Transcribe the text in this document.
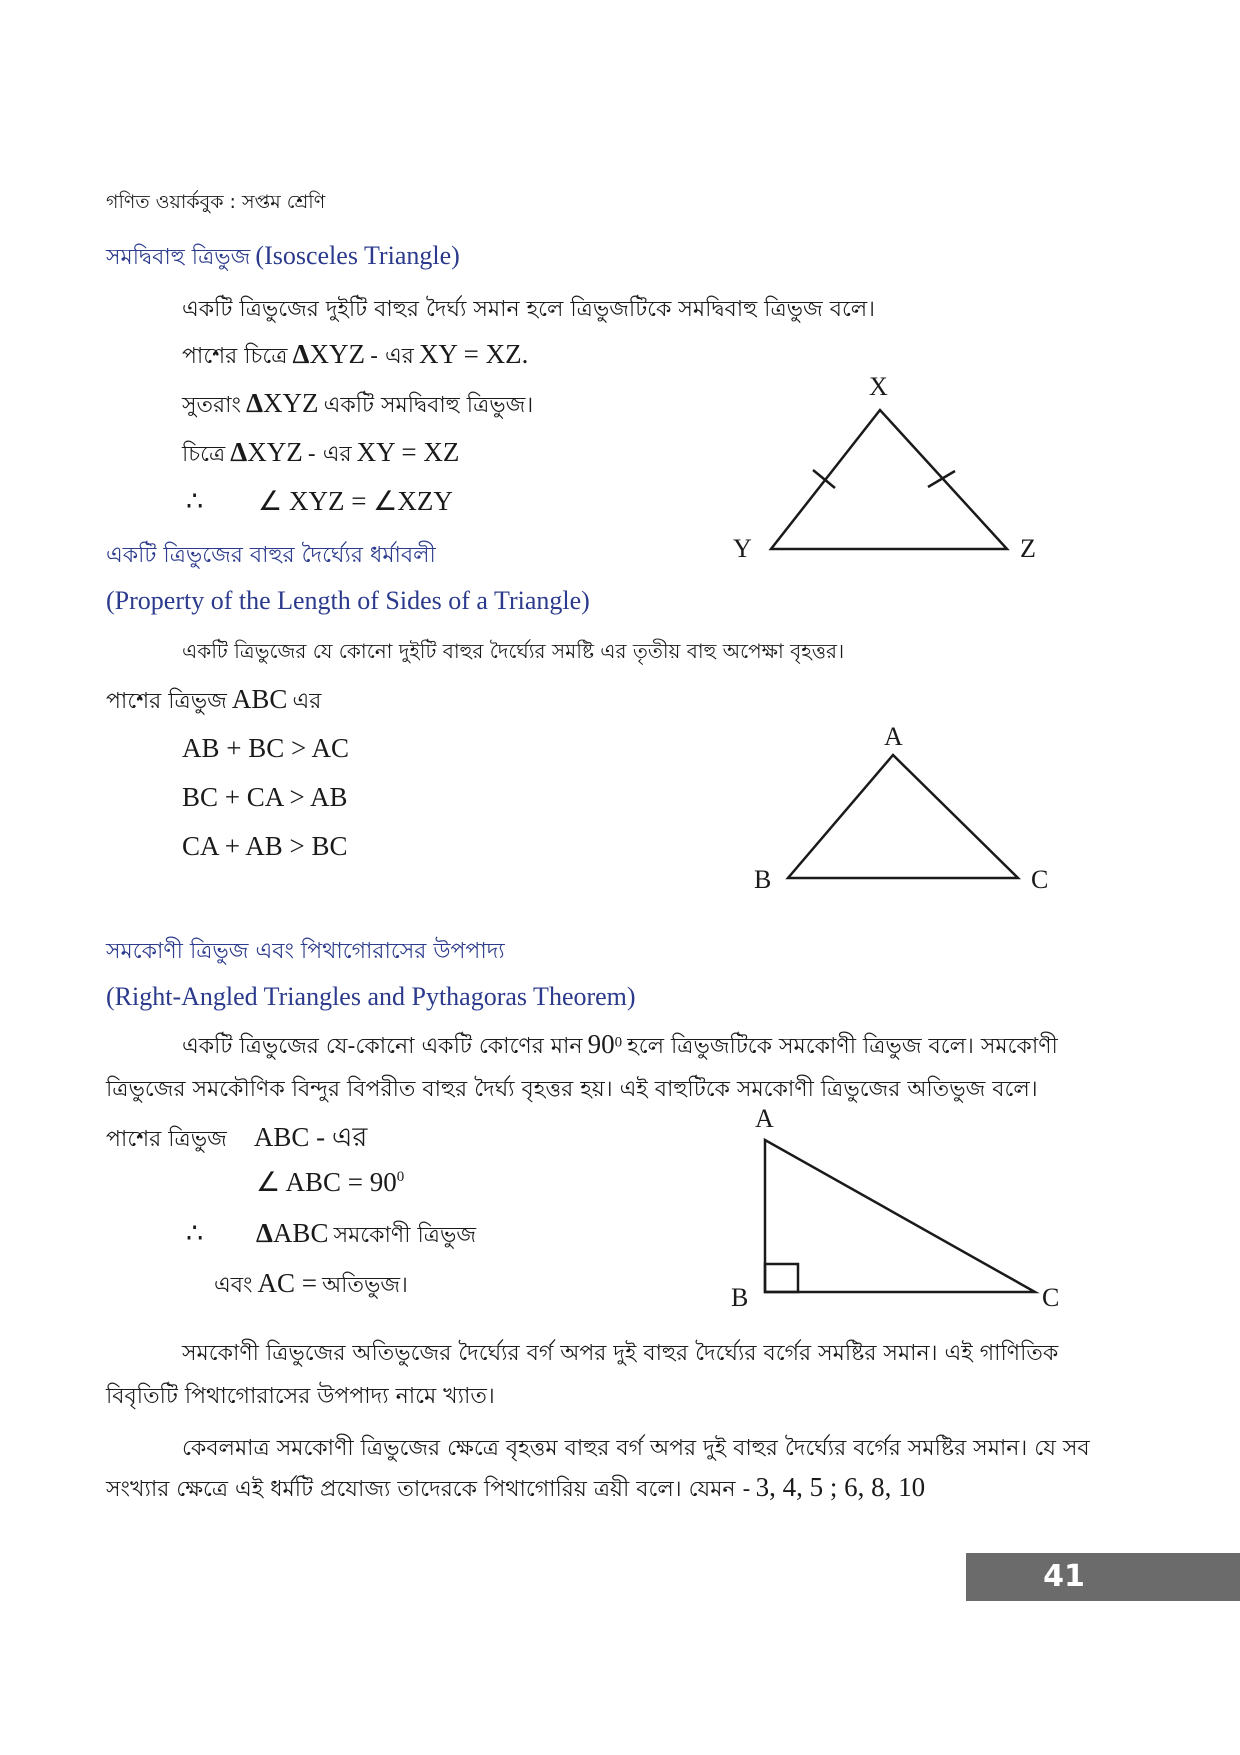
গণিত ওয়ার্কবুক : সপ্তম শ্রেণি
সমদ্বিবাহু ত্রিভুজ (Isosceles Triangle)
একটি ত্রিভুজের দুইটি বাহুর দৈর্ঘ্য সমান হলে ত্রিভুজটিকে সমদ্বিবাহু ত্রিভুজ বলে।
পাশের চিত্রে ΔXYZ - এর XY = XZ.
সুতরাং ΔXYZ একটি সমদ্বিবাহু ত্রিভুজ।
চিত্রে ΔXYZ - এর XY = XZ
∴ ∠ XYZ = ∠XZY
X
Y	Z
একটি ত্রিভুজের বাহুর দৈর্ঘ্যের ধর্মাবলী
(Property of the Length of Sides of a Triangle)
একটি ত্রিভুজের যে কোনো দুইটি বাহুর দৈর্ঘ্যের সমষ্টি এর তৃতীয় বাহু অপেক্ষা বৃহত্তর।
পাশের ত্রিভুজ ABC এর
AB + BC > AC
BC + CA > AB
CA + AB > BC
A
B	C
সমকোণী ত্রিভুজ এবং পিথাগোরাসের উপপাদ্য
(Right-Angled Triangles and Pythagoras Theorem)
একটি ত্রিভুজের যে-কোনো একটি কোণের মান $90^0$ হলে ত্রিভুজটিকে সমকোণী ত্রিভুজ বলে। সমকোণী
ত্রিভুজের সমকৌণিক বিন্দুর বিপরীত বাহুর দৈর্ঘ্য বৃহত্তর হয়। এই বাহুটিকে সমকোণী ত্রিভুজের অতিভুজ বলে।
পাশের ত্রিভুজ ABC - এর
∠ ABC = $90^0$
∴ ΔABC সমকোণী ত্রিভুজ
এবং AC = অতিভুজ।
A
B	C
সমকোণী ত্রিভুজের অতিভুজের দৈর্ঘ্যের বর্গ অপর দুই বাহুর দৈর্ঘ্যের বর্গের সমষ্টির সমান। এই গাণিতিক
বিবৃতিটি পিথাগোরাসের উপপাদ্য নামে খ্যাত।
কেবলমাত্র সমকোণী ত্রিভুজের ক্ষেত্রে বৃহত্তম বাহুর বর্গ অপর দুই বাহুর দৈর্ঘ্যের বর্গের সমষ্টির সমান। যে সব
সংখ্যার ক্ষেত্রে এই ধর্মটি প্রযোজ্য তাদেরকে পিথাগোরিয় ত্রয়ী বলে। যেমন - 3, 4, 5 ; 6, 8, 10
41
